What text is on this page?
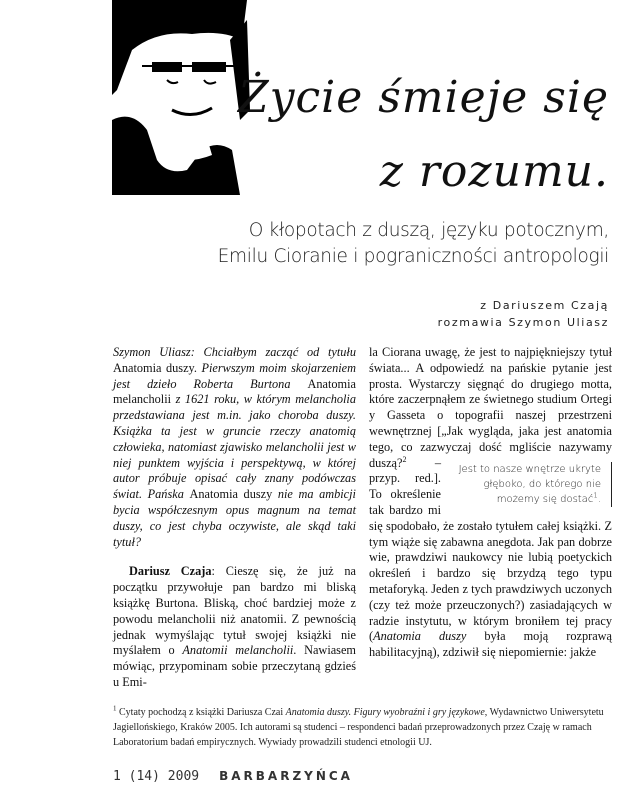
Życie śmieje się
z rozumu.
O kłopotach z duszą, języku potocznym,
Emilu Cioranie i pograniczności antropologii
z Dariuszem Czają
rozmawia Szymon Uliasz

Szymon Uliasz: Chciałbym zacząć od tytułu Anatomia duszy. Pierwszym moim skojarzeniem jest dzieło Roberta Burtona Anatomia melancholii z 1621 roku, w którym melancholia przedstawiana jest m.in. jako choroba duszy. Książka ta jest w gruncie rzeczy anatomią człowieka, natomiast zjawisko melancholii jest w niej punktem wyjścia i perspektywą, w której autor próbuje opisać cały znany podówczas świat. Pańska Anatomia duszy nie ma ambicji bycia współczesnym opus magnum na temat duszy, co jest chyba oczywiste, ale skąd taki tytuł?

Dariusz Czaja: Cieszę się, że już na początku przywołuje pan bardzo mi bliską książkę Burtona. Bliską, choć bardziej może z powodu melancholii niż anatomii. Z pewnością jednak wymyślając tytuł swojej książki nie myślałem o Anatomii melancholii. Nawiasem mówiąc, przypominam sobie przeczytaną gdzieś u Emi-

la Ciorana uwagę, że jest to najpiękniejszy tytuł świata... A odpowiedź na pańskie pytanie jest prosta. Wystarczy sięgnąć do drugiego motta, które zaczerpnąłem ze świetnego studium Ortegi y Gasseta o topografii naszej przestrzeni wewnętrznej [„Jak wygląda, jaka jest anatomia tego, co zazwyczaj dość mgliście nazywamy duszą?$^2$
Jest to nasze wnętrze ukryte głęboko, do którego nie możemy się dostać$^1$.
– przyp. red.]. To określenie tak bardzo mi się spodobało, że zostało tytułem całej książki. Z tym wiąże się zabawna anegdota. Jak pan dobrze wie, prawdziwi naukowcy nie lubią poetyckich określeń i bardzo się brzydzą tego typu metaforyką. Jeden z tych prawdziwych uczonych (czy też może przeuczonych?) zasiadających w radzie instytutu, w którym broniłem tej pracy (Anatomia duszy była moją rozprawą habilitacyjną), zdziwił się niepomiernie: jakże

$^1$ Cytaty pochodzą z książki Dariusza Czai Anatomia duszy. Figury wyobraźni i gry językowe, Wydawnictwo Uniwersytetu Jagiellońskiego, Kraków 2005. Ich autorami są studenci – respondenci badań przeprowadzonych przez Czaję w ramach Laboratorium badań empirycznych. Wywiady prowadzili studenci etnologii UJ.
1 (14) 2009 BARBARZYŃCA
